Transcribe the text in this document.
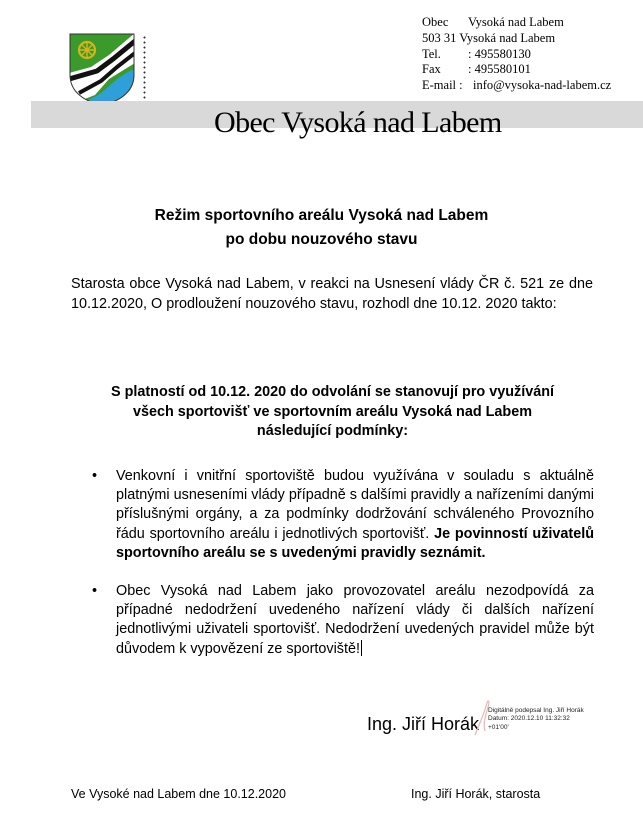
Obec Vysoká nad Labem
503 31 Vysoká nad Labem
Tel. : 495580130
Fax : 495580101
E-mail : info@vysoka-nad-labem.cz
Obec Vysoká nad Labem
Režim sportovního areálu Vysoká nad Labem
po dobu nouzového stavu
Starosta obce Vysoká nad Labem, v reakci na Usnesení vlády ČR č. 521 ze dne 10.12.2020, O prodloužení nouzového stavu, rozhodl dne 10.12. 2020 takto:
S platností od 10.12. 2020 do odvolání se stanovují pro využívání
všech sportovišť ve sportovním areálu Vysoká nad Labem
následující podmínky:
• Venkovní i vnitřní sportoviště budou využívána v souladu s aktuálně platnými usneseními vlády případně s dalšími pravidly a nařízeními danými příslušnými orgány, a za podmínky dodržování schváleného Provozního řádu sportovního areálu i jednotlivých sportovišť. Je povinností uživatelů sportovního areálu se s uvedenými pravidly seznámit.
• Obec Vysoká nad Labem jako provozovatel areálu nezodpovídá za případné nedodržení uvedeného nařízení vlády či dalších nařízení jednotlivými uživateli sportovišť. Nedodržení uvedených pravidel může být důvodem k vypovězení ze sportoviště!
Ing. Jiří Horák
Digitálně podepsal Ing. Jiří Horák
Datum: 2020.12.10 11:32:32
+01'00'
Ve Vysoké nad Labem dne 10.12.2020	Ing. Jiří Horák, starosta
